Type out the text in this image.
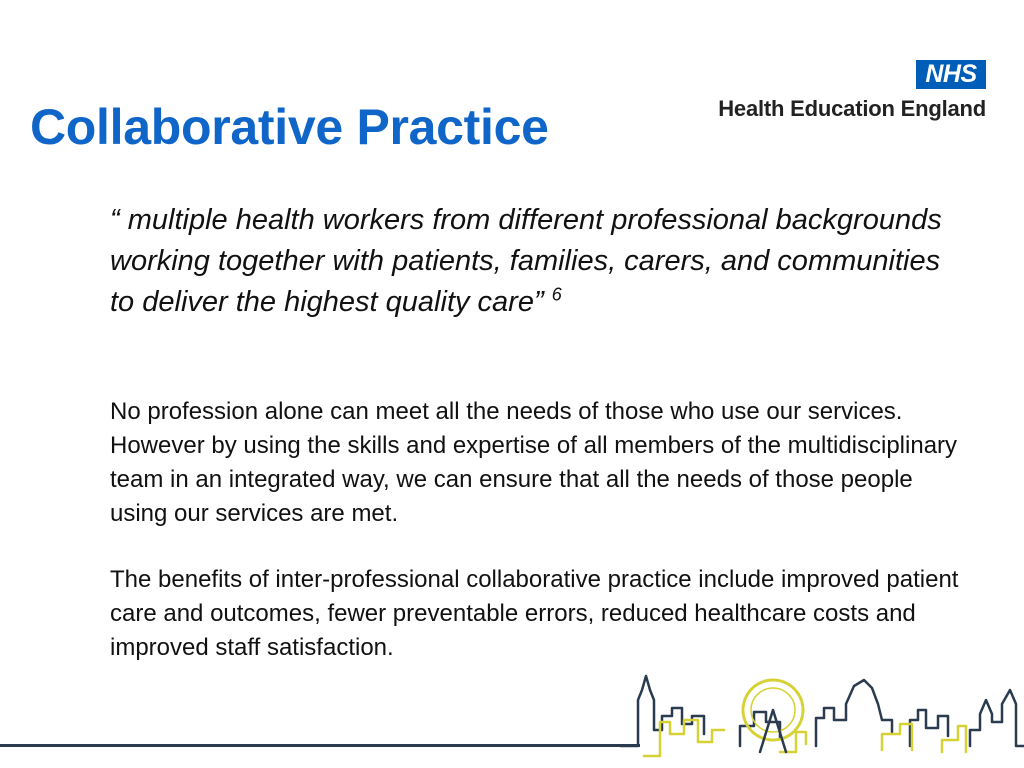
Collaborative Practice
NHS
Health Education England

“ multiple health workers from different professional backgrounds working together with patients, families, carers, and communities to deliver the highest quality care” $^6$

No profession alone can meet all the needs of those who use our services. However by using the skills and expertise of all members of the multidisciplinary team in an integrated way, we can ensure that all the needs of those people using our services are met.

The benefits of inter-professional collaborative practice include improved patient care and outcomes, fewer preventable errors, reduced healthcare costs and improved staff satisfaction.
